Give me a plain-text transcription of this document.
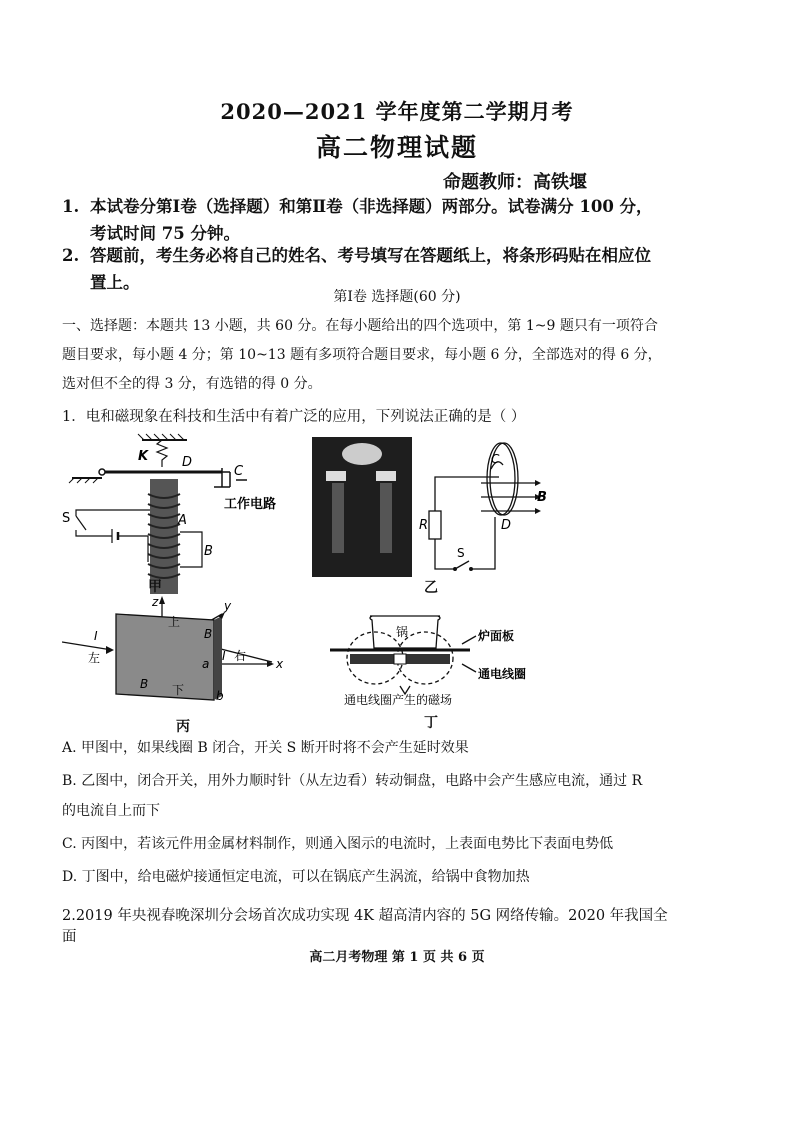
2020—2021 学年度第二学期月考
高二物理试题
命题教师：高铁堰
1. 本试卷分第Ⅰ卷（选择题）和第Ⅱ卷（非选择题）两部分。试卷满分 100 分，
考试时间 75 分钟。
2. 答题前，考生务必将自己的姓名、考号填写在答题纸上，将条形码贴在相应位
置上。
第Ⅰ卷 选择题(60 分)
一、选择题：本题共 13 小题，共 60 分。在每小题给出的四个选项中，第 1~9 题只有一项符合
题目要求，每小题 4 分；第 10~13 题有多项符合题目要求，每小题 6 分，全部选对的得 6 分，
选对但不全的得 3 分，有选错的得 0 分。
1．电和磁现象在科技和生活中有着广泛的应用，下列说法正确的是（ ）
K	D
C
工作电路
S	A
B
甲
C
B
R	D
S
乙
上
z	y
B
I
左	a
I 右
x
B 下	b
丙
锅	炉面板
通电线圈
通电线圈产生的磁场
丁
A. 甲图中，如果线圈 B 闭合，开关 S 断开时将不会产生延时效果
B. 乙图中，闭合开关，用外力顺时针（从左边看）转动铜盘，电路中会产生感应电流，通过 R
的电流自上而下
C. 丙图中，若该元件用金属材料制作，则通入图示的电流时，上表面电势比下表面电势低
D. 丁图中，给电磁炉接通恒定电流，可以在锅底产生涡流，给锅中食物加热
2.2019 年央视春晚深圳分会场首次成功实现 4K 超高清内容的 5G 网络传输。2020 年我国全面
高二月考物理 第 1 页 共 6 页
